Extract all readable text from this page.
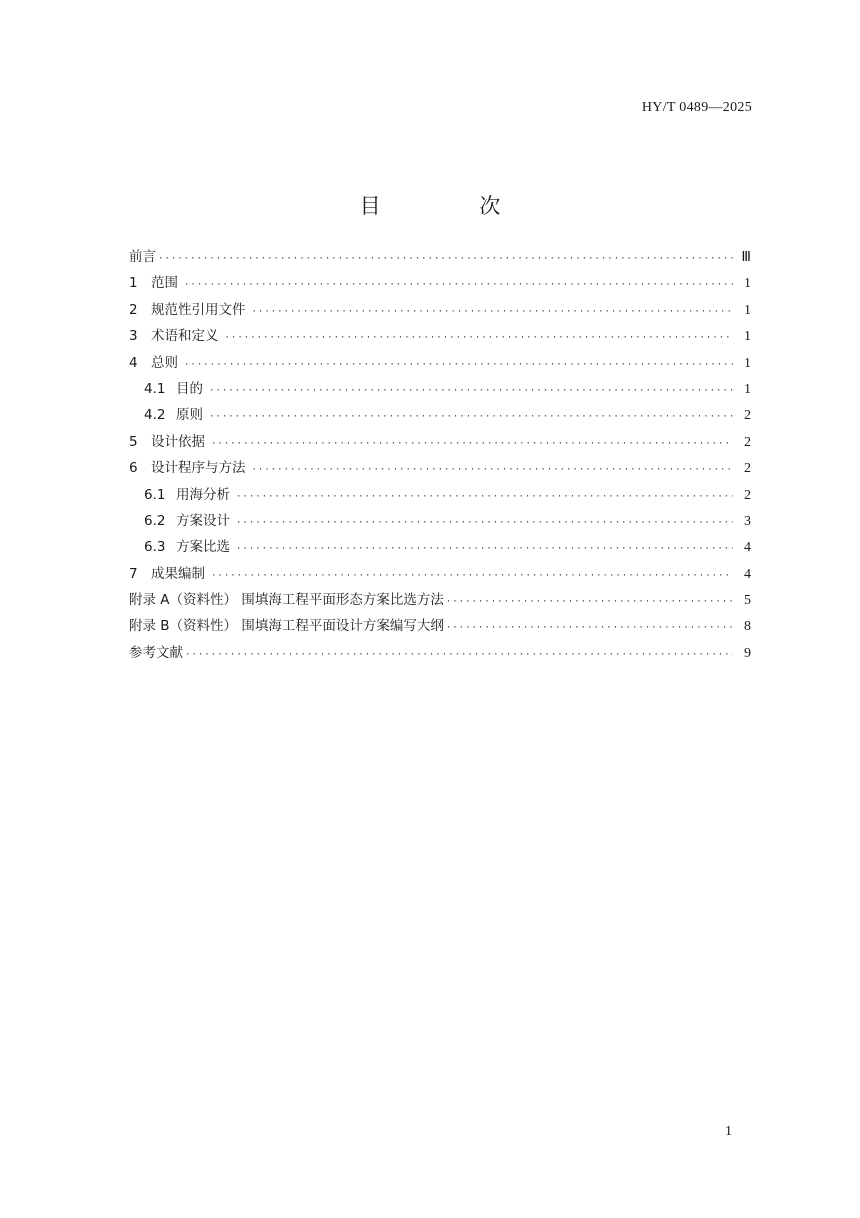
HY/T 0489—2025
目 次
前言 ·····	Ⅲ
1 范围 ·····	1
2 规范性引用文件 ·····	1
3 术语和定义 ·····	1
4 总则 ·····	1
4.1 目的 ·····	1
4.2 原则 ·····	2
5 设计依据 ·····	2
6 设计程序与方法 ·····	2
6.1 用海分析 ·····	2
6.2 方案设计 ·····	3
6.3 方案比选 ·····	4
7 成果编制 ·····	4
附录 A（资料性） 围填海工程平面形态方案比选方法 ·····	5
附录 B（资料性） 围填海工程平面设计方案编写大纲 ·····	8
参考文献 ·····	9
1
